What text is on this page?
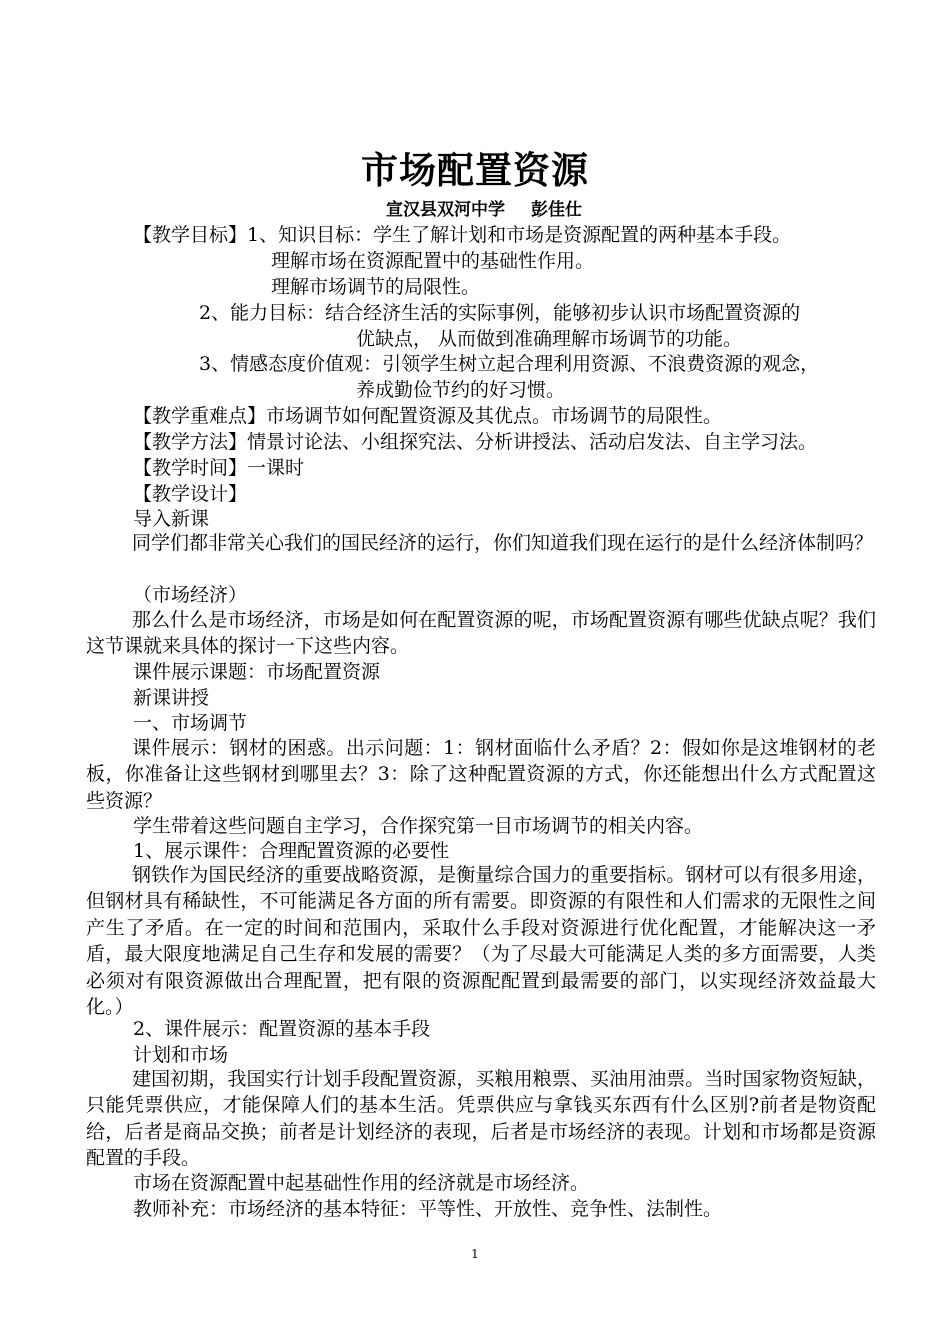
市场配置资源
宣汉县双河中学 彭佳仕
【教学目标】1、知识目标：学生了解计划和市场是资源配置的两种基本手段。
理解市场在资源配置中的基础性作用。
理解市场调节的局限性。
2、能力目标：结合经济生活的实际事例，能够初步认识市场配置资源的
优缺点， 从而做到准确理解市场调节的功能。
3、情感态度价值观：引领学生树立起合理利用资源、不浪费资源的观念，
养成勤俭节约的好习惯。
【教学重难点】市场调节如何配置资源及其优点。市场调节的局限性。
【教学方法】情景讨论法、小组探究法、分析讲授法、活动启发法、自主学习法。
【教学时间】一课时
【教学设计】
导入新课
同学们都非常关心我们的国民经济的运行，你们知道我们现在运行的是什么经济体制吗？
（市场经济）
那么什么是市场经济，市场是如何在配置资源的呢，市场配置资源有哪些优缺点呢？我们这节课就来具体的探讨一下这些内容。
课件展示课题：市场配置资源
新课讲授
一、市场调节
课件展示：钢材的困惑。出示问题：1：钢材面临什么矛盾？2：假如你是这堆钢材的老板，你准备让这些钢材到哪里去？3：除了这种配置资源的方式，你还能想出什么方式配置这些资源？
学生带着这些问题自主学习，合作探究第一目市场调节的相关内容。
1、展示课件：合理配置资源的必要性
钢铁作为国民经济的重要战略资源，是衡量综合国力的重要指标。钢材可以有很多用途，但钢材具有稀缺性，不可能满足各方面的所有需要。即资源的有限性和人们需求的无限性之间产生了矛盾。在一定的时间和范围内，采取什么手段对资源进行优化配置，才能解决这一矛盾，最大限度地满足自己生存和发展的需要？（为了尽最大可能满足人类的多方面需要，人类必须对有限资源做出合理配置，把有限的资源配配置到最需要的部门，以实现经济效益最大化。）
2、课件展示：配置资源的基本手段
计划和市场
建国初期，我国实行计划手段配置资源，买粮用粮票、买油用油票。当时国家物资短缺，只能凭票供应，才能保障人们的基本生活。凭票供应与拿钱买东西有什么区别?前者是物资配给，后者是商品交换；前者是计划经济的表现，后者是市场经济的表现。计划和市场都是资源配置的手段。
市场在资源配置中起基础性作用的经济就是市场经济。
教师补充：市场经济的基本特征：平等性、开放性、竞争性、法制性。
1
